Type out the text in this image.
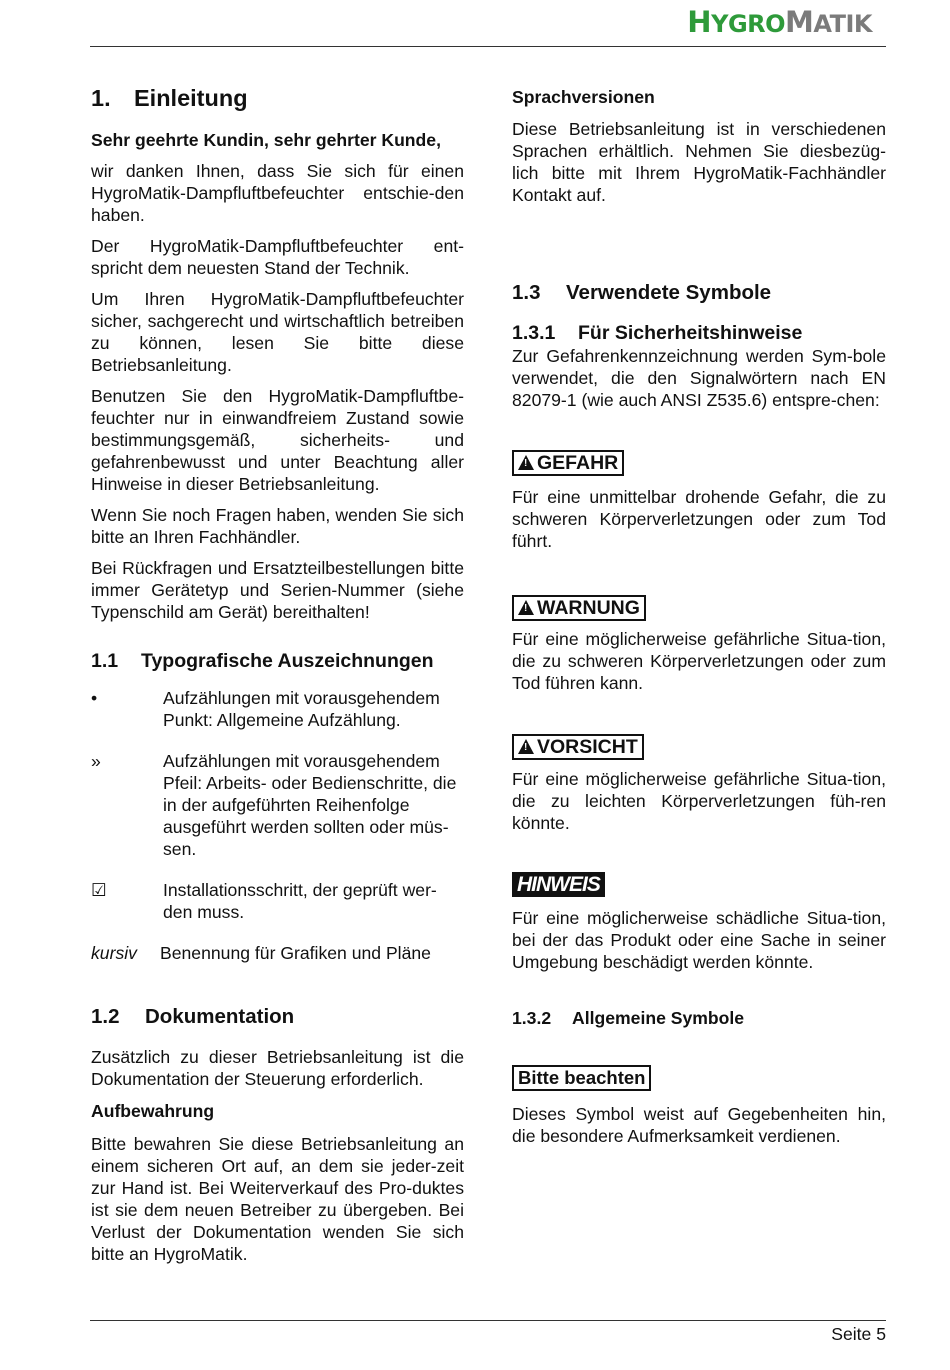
HYGROMATIK
1. Einleitung

Sehr geehrte Kundin, sehr gehrter Kunde,

wir danken Ihnen, dass Sie sich für einen HygroMatik-Dampfluftbefeuchter entschie-den haben.

Der HygroMatik-Dampfluftbefeuchter ent-spricht dem neuesten Stand der Technik.

Um Ihren HygroMatik-Dampfluftbefeuchter sicher, sachgerecht und wirtschaftlich betreiben zu können, lesen Sie bitte diese Betriebsanleitung.

Benutzen Sie den HygroMatik-Dampfluftbe-feuchter nur in einwandfreiem Zustand sowie bestimmungsgemäß, sicherheits- und gefahrenbewusst und unter Beachtung aller Hinweise in dieser Betriebsanleitung.

Wenn Sie noch Fragen haben, wenden Sie sich bitte an Ihren Fachhändler.

Bei Rückfragen und Ersatzteilbestellungen bitte immer Gerätetyp und Serien-Nummer (siehe Typenschild am Gerät) bereithalten!

1.1 Typografische Auszeichnungen
•	Aufzählungen mit vorausgehendem Punkt: Allgemeine Aufzählung.
»	Aufzählungen mit vorausgehendem Pfeil: Arbeits- oder Bedienschritte, die in der aufgeführten Reihenfolge ausgeführt werden sollten oder müs-sen.
☑	Installationsschritt, der geprüft wer-den muss.
kursiv	Benennung für Grafiken und Pläne
1.2 Dokumentation

Zusätzlich zu dieser Betriebsanleitung ist die Dokumentation der Steuerung erforderlich.

Aufbewahrung

Bitte bewahren Sie diese Betriebsanleitung an einem sicheren Ort auf, an dem sie jeder-zeit zur Hand ist. Bei Weiterverkauf des Pro-duktes ist sie dem neuen Betreiber zu übergeben. Bei Verlust der Dokumentation wenden Sie sich bitte an HygroMatik.

Sprachversionen

Diese Betriebsanleitung ist in verschiedenen Sprachen erhältlich. Nehmen Sie diesbezüg-lich bitte mit Ihrem HygroMatik-Fachhändler Kontakt auf.

1.3 Verwendete Symbole
1.3.1 Für Sicherheitshinweise

Zur Gefahrenkennzeichnung werden Sym-bole verwendet, die den Signalwörtern nach EN 82079-1 (wie auch ANSI Z535.6) entspre-chen:

! GEFAHR

Für eine unmittelbar drohende Gefahr, die zu schweren Körperverletzungen oder zum Tod führt.

! WARNUNG

Für eine möglicherweise gefährliche Situa-tion, die zu schweren Körperverletzungen oder zum Tod führen kann.

! VORSICHT

Für eine möglicherweise gefährliche Situa-tion, die zu leichten Körperverletzungen füh-ren könnte.

HINWEIS

Für eine möglicherweise schädliche Situa-tion, bei der das Produkt oder eine Sache in seiner Umgebung beschädigt werden könnte.

1.3.2 Allgemeine Symbole
Bitte beachten

Dieses Symbol weist auf Gegebenheiten hin, die besondere Aufmerksamkeit verdienen.

Seite 5
